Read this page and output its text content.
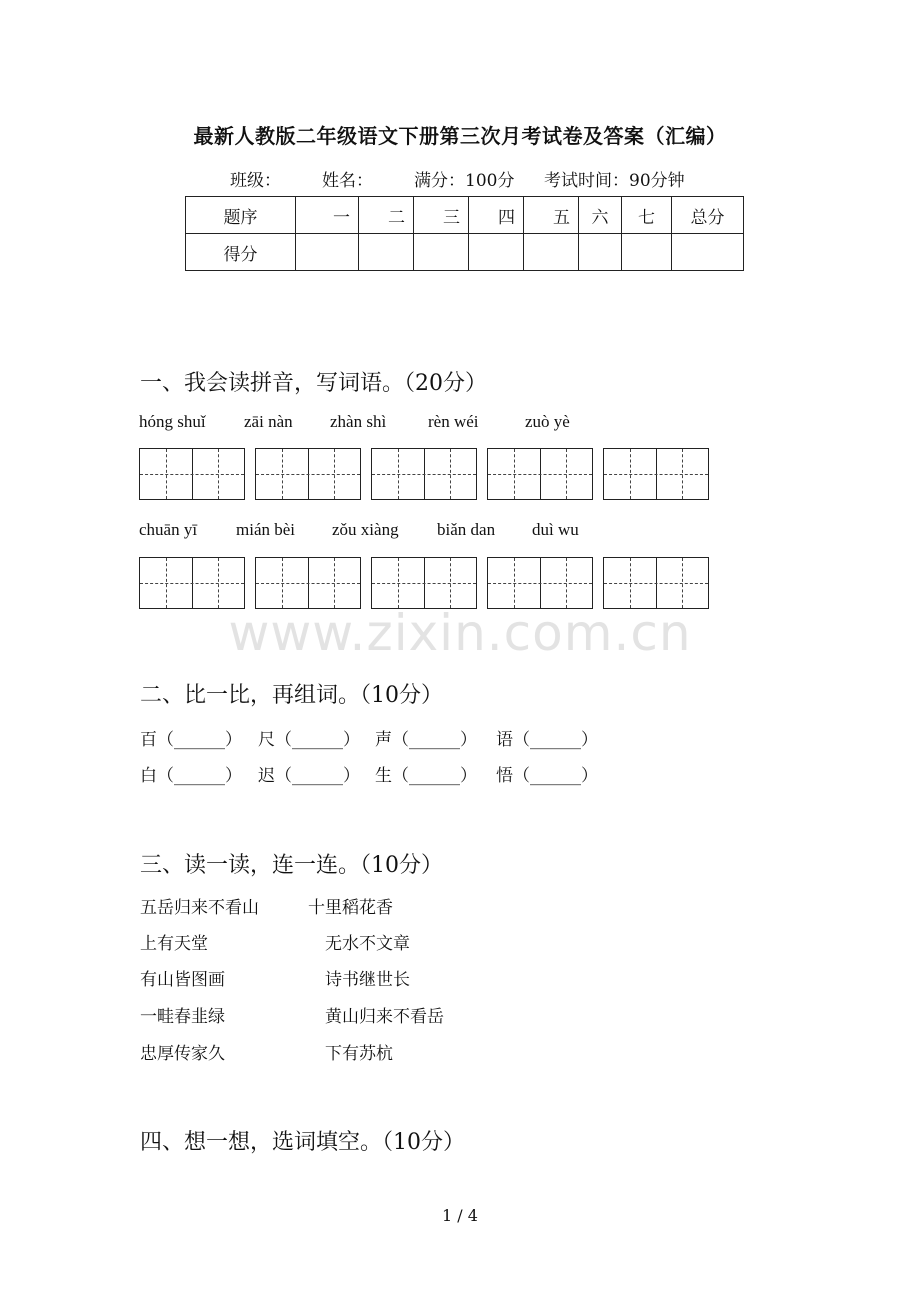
最新人教版二年级语文下册第三次月考试卷及答案（汇编）
班级： 姓名： 满分：100分 考试时间：90分钟
题序	一	二	三	四	五	六	七	总分
得分								
一、我会读拼音，写词语。（20分）
hóng shuǐ zāi nàn zhàn shì rèn wéi	zuò yè
chuān yī mián bèi zǒu xiàng biǎn dan duì wu
www.zixin.com.cn
二、比一比，再组词。（10分）
百（______） 尺（______） 声（______） 语（______）
白（______） 迟（______） 生（______） 悟（______）
三、读一读，连一连。（10分）
五岳归来不看山
上有天堂
有山皆图画
一畦春韭绿
忠厚传家久
十里稻花香
无水不文章
诗书继世长
黄山归来不看岳
下有苏杭
四、想一想，选词填空。（10分）
1 / 4
